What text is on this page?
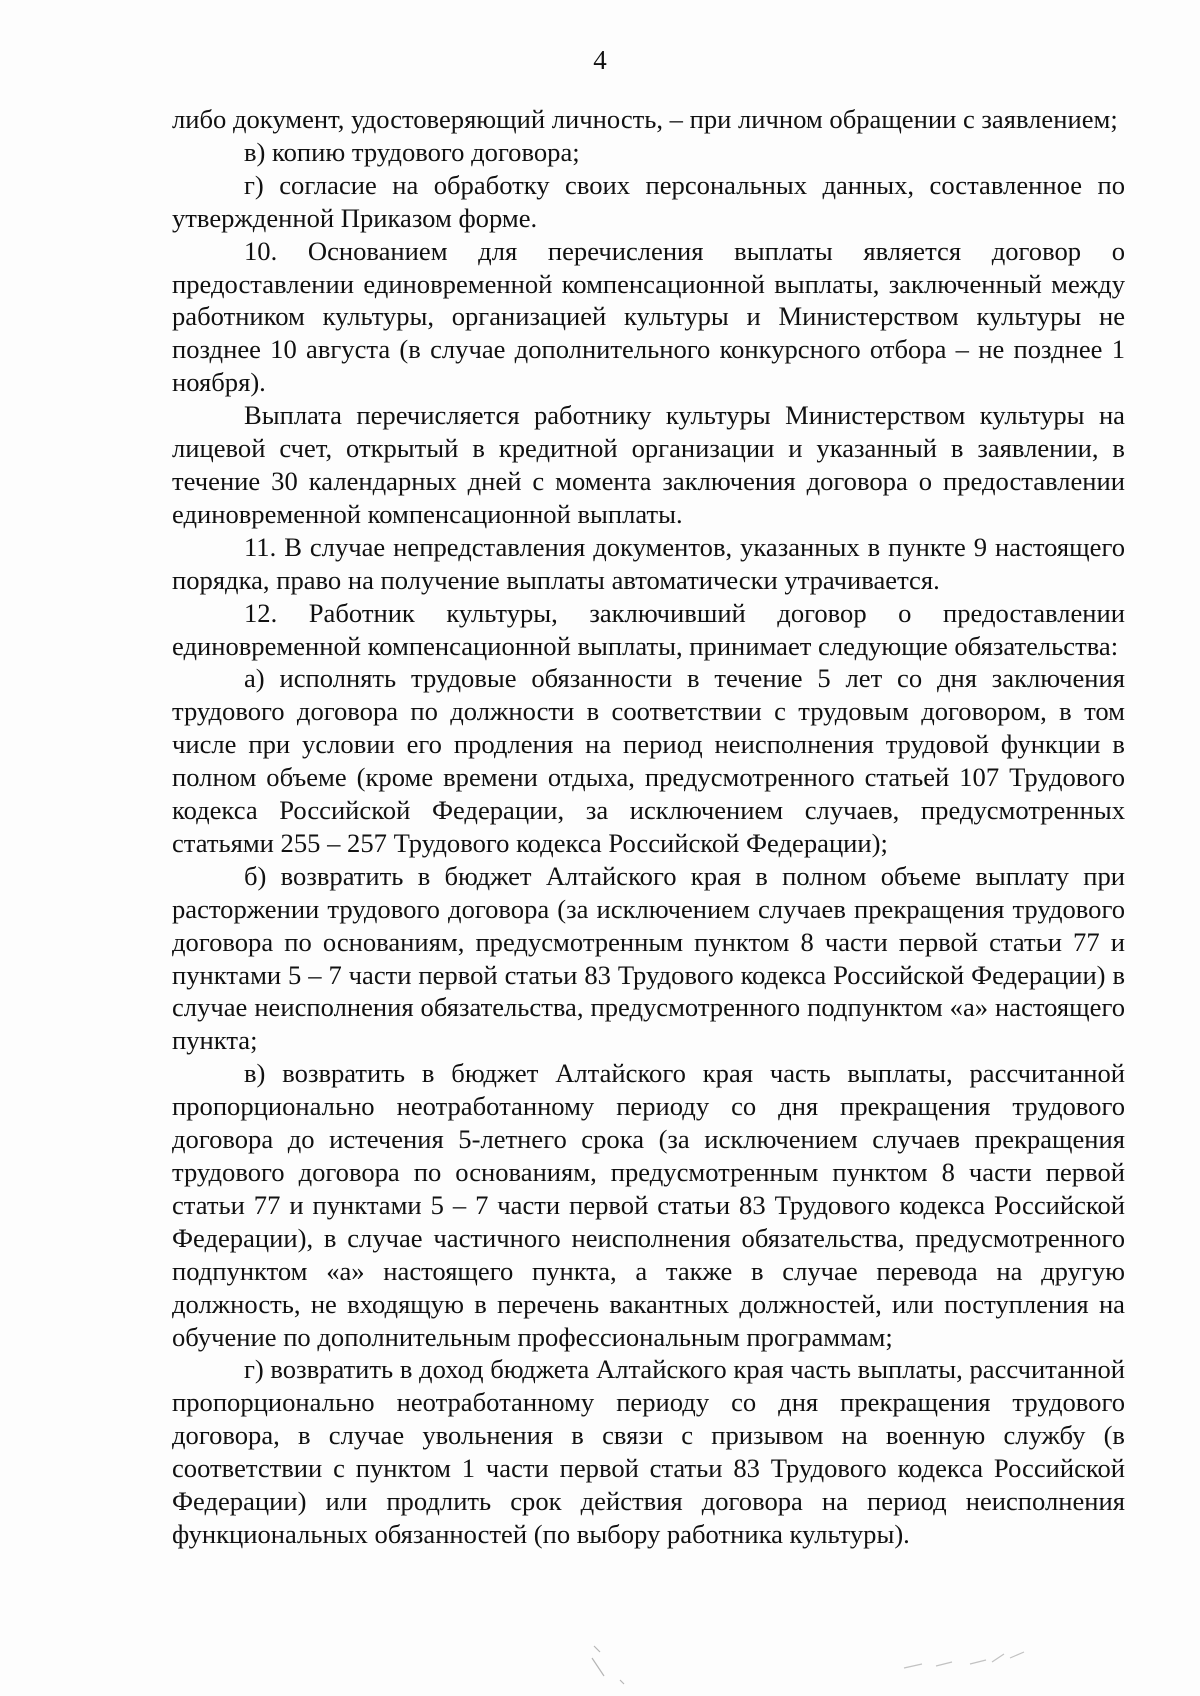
4

либо документ, удостоверяющий личность, – при личном обращении с заявлением;

в) копию трудового договора;

г) согласие на обработку своих персональных данных, составленное по утвержденной Приказом форме.

10. Основанием для перечисления выплаты является договор о предоставлении единовременной компенсационной выплаты, заключенный между работником культуры, организацией культуры и Министерством культуры не позднее 10 августа (в случае дополнительного конкурсного отбора – не позднее 1 ноября).

Выплата перечисляется работнику культуры Министерством культуры на лицевой счет, открытый в кредитной организации и указанный в заявлении, в течение 30 календарных дней с момента заключения договора о предоставлении единовременной компенсационной выплаты.

11. В случае непредставления документов, указанных в пункте 9 настоящего порядка, право на получение выплаты автоматически утрачивается.

12. Работник культуры, заключивший договор о предоставлении единовременной компенсационной выплаты, принимает следующие обязательства:

а) исполнять трудовые обязанности в течение 5 лет со дня заключения трудового договора по должности в соответствии с трудовым договором, в том числе при условии его продления на период неисполнения трудовой функции в полном объеме (кроме времени отдыха, предусмотренного статьей 107 Трудового кодекса Российской Федерации, за исключением случаев, предусмотренных статьями 255 – 257 Трудового кодекса Российской Федерации);

б) возвратить в бюджет Алтайского края в полном объеме выплату при расторжении трудового договора (за исключением случаев прекращения трудового договора по основаниям, предусмотренным пунктом 8 части первой статьи 77 и пунктами 5 – 7 части первой статьи 83 Трудового кодекса Российской Федерации) в случае неисполнения обязательства, предусмотренного подпунктом «а» настоящего пункта;

в) возвратить в бюджет Алтайского края часть выплаты, рассчитанной пропорционально неотработанному периоду со дня прекращения трудового договора до истечения 5-летнего срока (за исключением случаев прекращения трудового договора по основаниям, предусмотренным пунктом 8 части первой статьи 77 и пунктами 5 – 7 части первой статьи 83 Трудового кодекса Российской Федерации), в случае частичного неисполнения обязательства, предусмотренного подпунктом «а» настоящего пункта, а также в случае перевода на другую должность, не входящую в перечень вакантных должностей, или поступления на обучение по дополнительным профессиональным программам;

г) возвратить в доход бюджета Алтайского края часть выплаты, рассчитанной пропорционально неотработанному периоду со дня прекращения трудового договора, в случае увольнения в связи с призывом на военную службу (в соответствии с пунктом 1 части первой статьи 83 Трудового кодекса Российской Федерации) или продлить срок действия договора на период неисполнения функциональных обязанностей (по выбору работника культуры).
